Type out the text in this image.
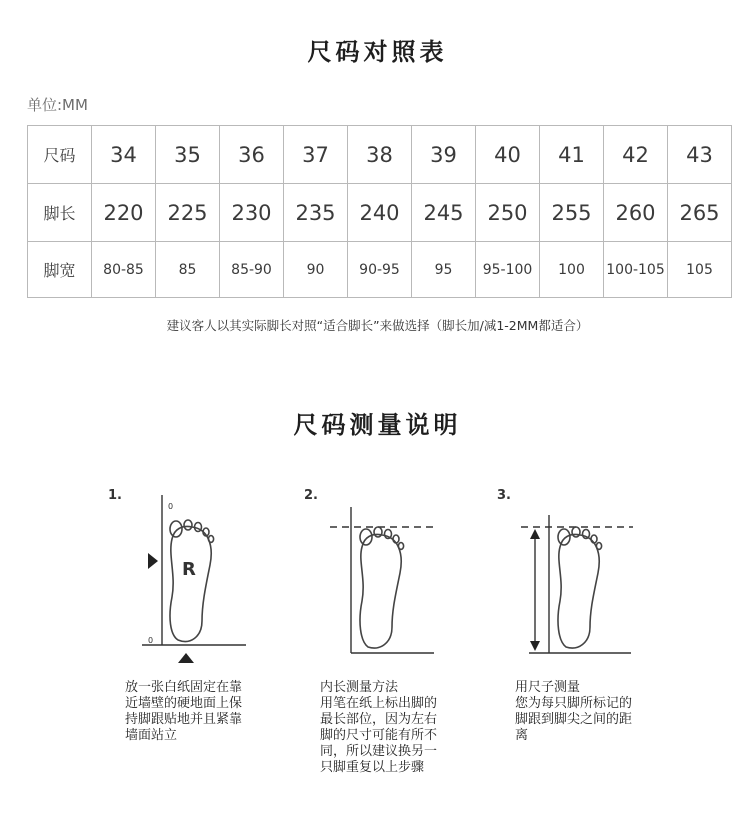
尺码对照表
单位:MM
尺码	34	35	36	37	38	39	40	41	42	43
脚长	220	225	230	235	240	245	250	255	260	265
脚宽	80-85	85	85-90	90	90-95	95	95-100	100	100-105	105
建议客人以其实际脚长对照“适合脚长”来做选择（脚长加/减1-2MM都适合）
尺码测量说明
1.
0
0
R
放一张白纸固定在靠
近墙壁的硬地面上保
持脚跟贴地并且紧靠
墙面站立
2.
内长测量方法
用笔在纸上标出脚的
最长部位，因为左右
脚的尺寸可能有所不
同，所以建议换另一
只脚重复以上步骤
3.
用尺子测量
您为每只脚所标记的
脚跟到脚尖之间的距
离
